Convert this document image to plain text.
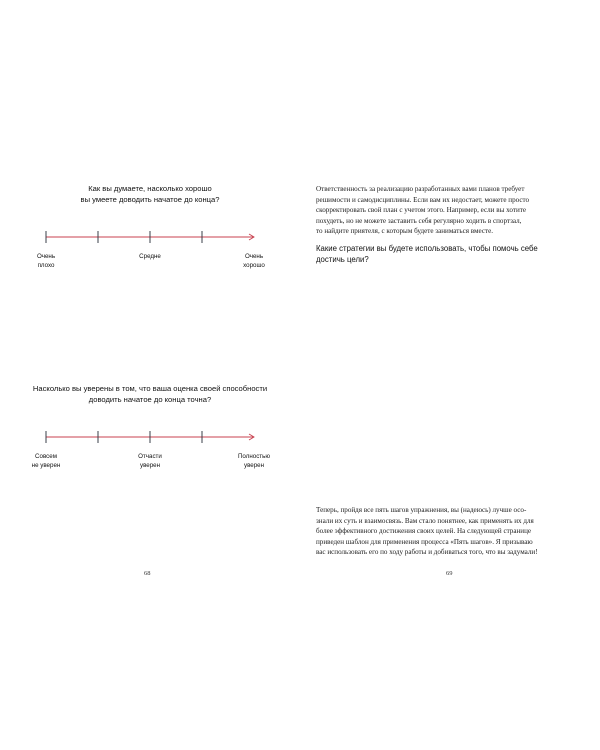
Как вы думаете, насколько хорошо
вы умеете доводить начатое до конца?
Очень
плохо
Средне	Очень
хорошо
Насколько вы уверены в том, что ваша оценка своей способности
доводить начатое до конца точна?
Совсем
не уверен
Отчасти
уверен
Полностью
уверен
68
Ответственность за реализацию разработанных вами планов требует
решимости и самодисциплины. Если вам их недостает, можете просто
скорректировать свой план с учетом этого. Например, если вы хотите
похудеть, но не можете заставить себя регулярно ходить в спортзал,
то найдите приятеля, с которым будете заниматься вместе.
Какие стратегии вы будете использовать, чтобы помочь себе
достичь цели?
Теперь, пройдя все пять шагов упражнения, вы (надеюсь) лучше осо-
знали их суть и взаимосвязь. Вам стало понятнее, как применять их для
более эффективного достижения своих целей. На следующей странице
приведен шаблон для применения процесса «Пять шагов». Я призываю
вас использовать его по ходу работы и добиваться того, что вы задумали!
69
